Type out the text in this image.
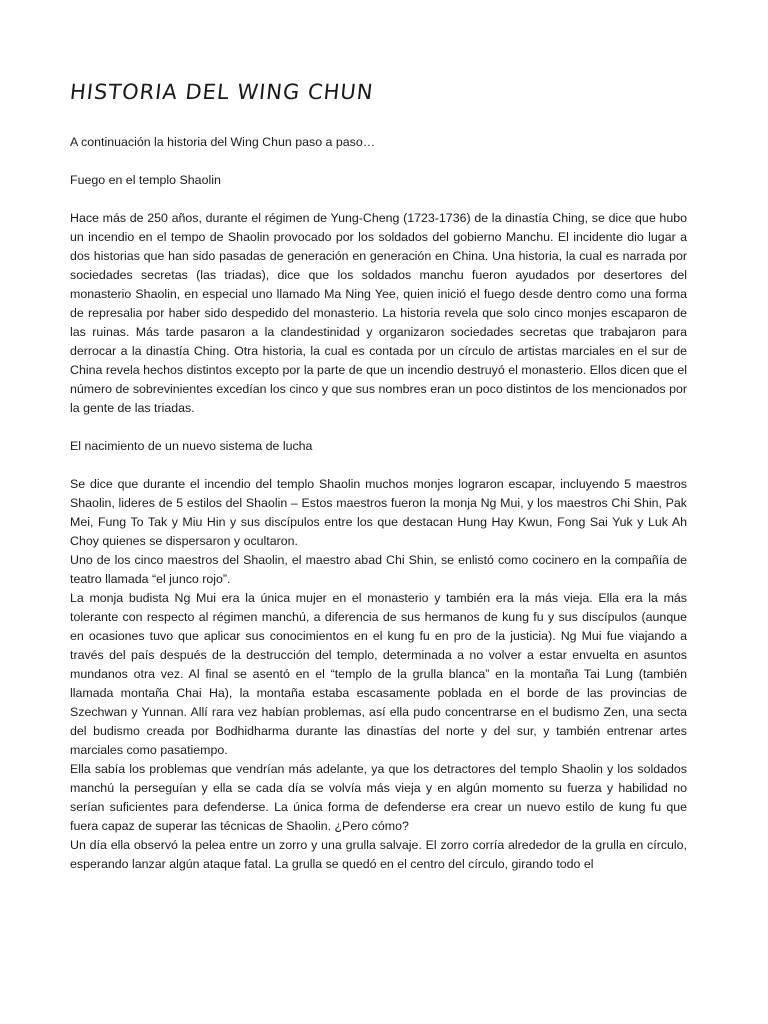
HISTORIA DEL WING CHUN

A continuación la historia del Wing Chun paso a paso…

Fuego en el templo Shaolin

Hace más de 250 años, durante el régimen de Yung-Cheng (1723-1736) de la dinastía Ching, se dice que hubo un incendio en el tempo de Shaolin provocado por los soldados del gobierno Manchu. El incidente dio lugar a dos historias que han sido pasadas de generación en generación en China. Una historia, la cual es narrada por sociedades secretas (las triadas), dice que los soldados manchu fueron ayudados por desertores del monasterio Shaolin, en especial uno llamado Ma Ning Yee, quien inició el fuego desde dentro como una forma de represalia por haber sido despedido del monasterio. La historia revela que solo cinco monjes escaparon de las ruinas. Más tarde pasaron a la clandestinidad y organizaron sociedades secretas que trabajaron para derrocar a la dinastía Ching. Otra historia, la cual es contada por un círculo de artistas marciales en el sur de China revela hechos distintos excepto por la parte de que un incendio destruyó el monasterio. Ellos dicen que el número de sobrevinientes excedían los cinco y que sus nombres eran un poco distintos de los mencionados por la gente de las triadas.

El nacimiento de un nuevo sistema de lucha

Se dice que durante el incendio del templo Shaolin muchos monjes lograron escapar, incluyendo 5 maestros Shaolin, lideres de 5 estilos del Shaolin – Estos maestros fueron la monja Ng Mui, y los maestros Chi Shin, Pak Mei, Fung To Tak y Miu Hin y sus discípulos entre los que destacan Hung Hay Kwun, Fong Sai Yuk y Luk Ah Choy quienes se dispersaron y ocultaron.

Uno de los cinco maestros del Shaolin, el maestro abad Chi Shin, se enlistó como cocinero en la compañía de teatro llamada “el junco rojo”.

La monja budista Ng Mui era la única mujer en el monasterio y también era la más vieja. Ella era la más tolerante con respecto al régimen manchú, a diferencia de sus hermanos de kung fu y sus discípulos (aunque en ocasiones tuvo que aplicar sus conocimientos en el kung fu en pro de la justicia). Ng Mui fue viajando a través del país después de la destrucción del templo, determinada a no volver a estar envuelta en asuntos mundanos otra vez. Al final se asentó en el “templo de la grulla blanca” en la montaña Tai Lung (también llamada montaña Chai Ha), la montaña estaba escasamente poblada en el borde de las provincias de Szechwan y Yunnan. Allí rara vez habían problemas, así ella pudo concentrarse en el budismo Zen, una secta del budismo creada por Bodhidharma durante las dinastías del norte y del sur, y también entrenar artes marciales como pasatiempo.

Ella sabía los problemas que vendrían más adelante, ya que los detractores del templo Shaolin y los soldados manchú la perseguían y ella se cada día se volvía más vieja y en algún momento su fuerza y habilidad no serían suficientes para defenderse. La única forma de defenderse era crear un nuevo estilo de kung fu que fuera capaz de superar las técnicas de Shaolin. ¿Pero cómo?

Un día ella observó la pelea entre un zorro y una grulla salvaje. El zorro corría alrededor de la grulla en círculo, esperando lanzar algún ataque fatal. La grulla se quedó en el centro del círculo, girando todo el
